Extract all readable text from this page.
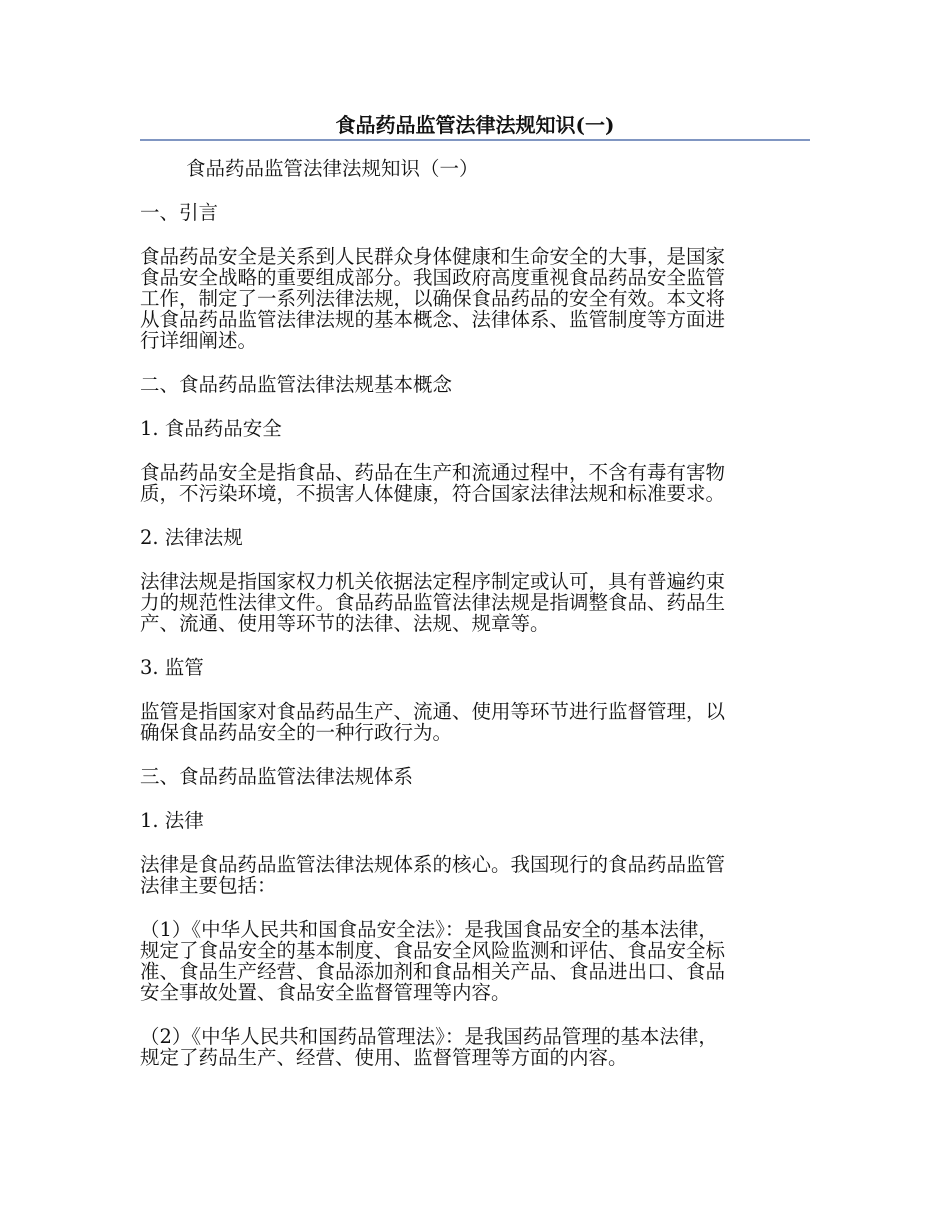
食品药品监管法律法规知识(一)

食品药品监管法律法规知识（一）

一、引言

食品药品安全是关系到人民群众身体健康和生命安全的大事，是国家
食品安全战略的重要组成部分。我国政府高度重视食品药品安全监管
工作，制定了一系列法律法规，以确保食品药品的安全有效。本文将
从食品药品监管法律法规的基本概念、法律体系、监管制度等方面进
行详细阐述。

二、食品药品监管法律法规基本概念

1. 食品药品安全

食品药品安全是指食品、药品在生产和流通过程中，不含有毒有害物
质，不污染环境，不损害人体健康，符合国家法律法规和标准要求。

2. 法律法规

法律法规是指国家权力机关依据法定程序制定或认可，具有普遍约束
力的规范性法律文件。食品药品监管法律法规是指调整食品、药品生
产、流通、使用等环节的法律、法规、规章等。

3. 监管

监管是指国家对食品药品生产、流通、使用等环节进行监督管理，以
确保食品药品安全的一种行政行为。

三、食品药品监管法律法规体系

1. 法律

法律是食品药品监管法律法规体系的核心。我国现行的食品药品监管
法律主要包括：

（1）《中华人民共和国食品安全法》：是我国食品安全的基本法律，
规定了食品安全的基本制度、食品安全风险监测和评估、食品安全标
准、食品生产经营、食品添加剂和食品相关产品、食品进出口、食品
安全事故处置、食品安全监督管理等内容。

（2）《中华人民共和国药品管理法》：是我国药品管理的基本法律，
规定了药品生产、经营、使用、监督管理等方面的内容。
